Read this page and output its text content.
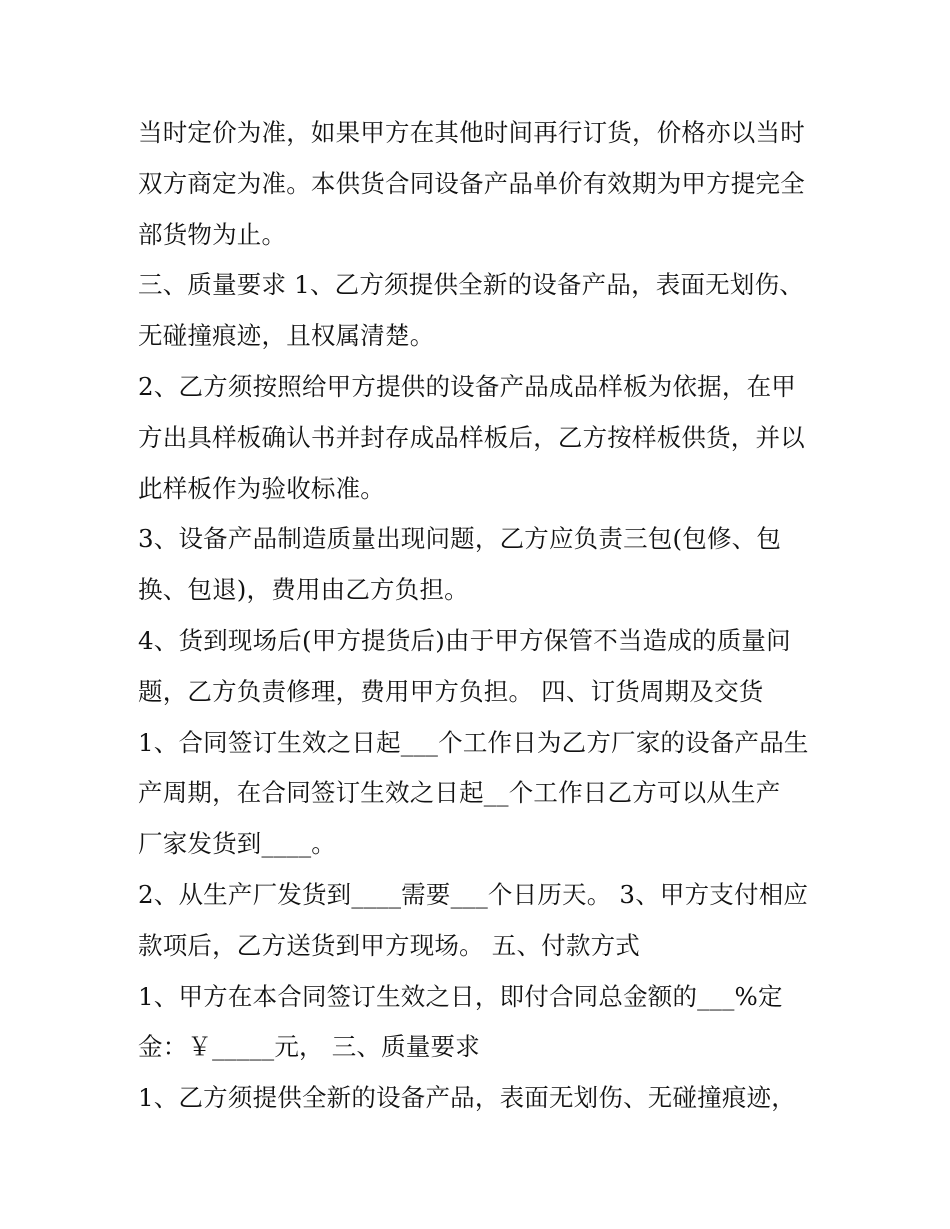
当时定价为准，如果甲方在其他时间再行订货，价格亦以当时
双方商定为准。本供货合同设备产品单价有效期为甲方提完全
部货物为止。
三、质量要求 1、乙方须提供全新的设备产品，表面无划伤、
无碰撞痕迹，且权属清楚。
2、乙方须按照给甲方提供的设备产品成品样板为依据，在甲
方出具样板确认书并封存成品样板后，乙方按样板供货，并以
此样板作为验收标准。
3、设备产品制造质量出现问题，乙方应负责三包(包修、包
换、包退)，费用由乙方负担。
4、货到现场后(甲方提货后)由于甲方保管不当造成的质量问
题，乙方负责修理，费用甲方负担。 四、订货周期及交货
1、合同签订生效之日起___个工作日为乙方厂家的设备产品生
产周期，在合同签订生效之日起__个工作日乙方可以从生产
厂家发货到____。
2、从生产厂发货到____需要___个日历天。 3、甲方支付相应
款项后，乙方送货到甲方现场。 五、付款方式
1、甲方在本合同签订生效之日，即付合同总金额的___%定
金：￥_____元， 三、质量要求
1、乙方须提供全新的设备产品，表面无划伤、无碰撞痕迹，
